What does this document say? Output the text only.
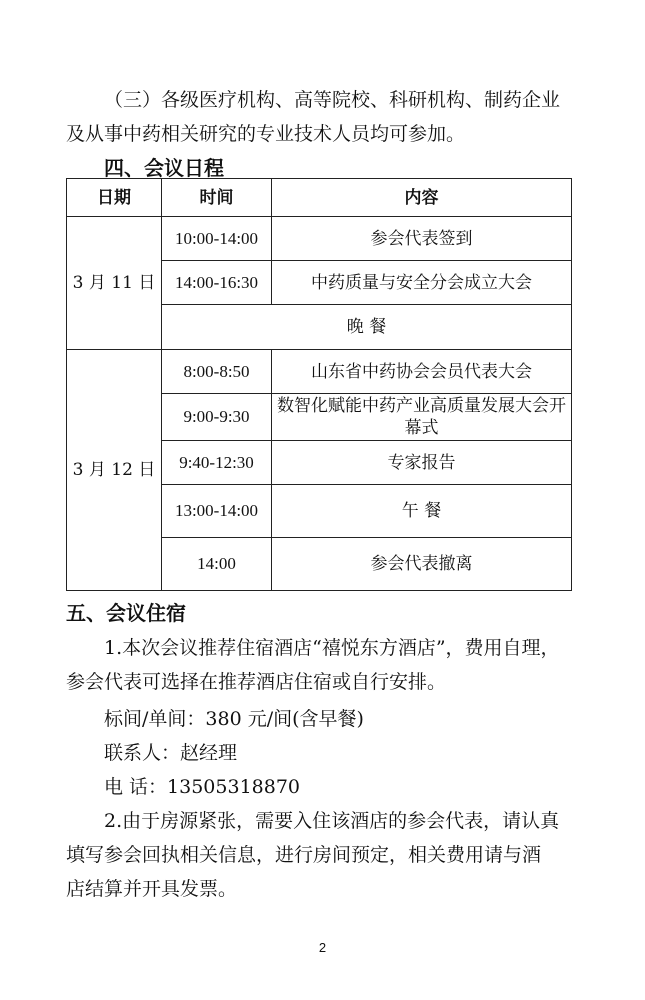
（三）各级医疗机构、高等院校、科研机构、制药企业
及从事中药相关研究的专业技术人员均可参加。
四、会议日程
日期	时间	内容
3 月 11 日	10:00-14:00	参会代表签到
	14:00-16:30	中药质量与安全分会成立大会
	晚 餐	
3 月 12 日	8:00-8:50	山东省中药协会会员代表大会
	9:00-9:30	数智化赋能中药产业高质量发展大会开幕式
	9:40-12:30	专家报告
	13:00-14:00	午 餐
	14:00	参会代表撤离
五、会议住宿
1.本次会议推荐住宿酒店“禧悦东方酒店”，费用自理，
参会代表可选择在推荐酒店住宿或自行安排。
标间/单间：380 元/间(含早餐)
联系人：赵经理
电 话：13505318870
2.由于房源紧张，需要入住该酒店的参会代表，请认真
填写参会回执相关信息，进行房间预定，相关费用请与酒
店结算并开具发票。
2
